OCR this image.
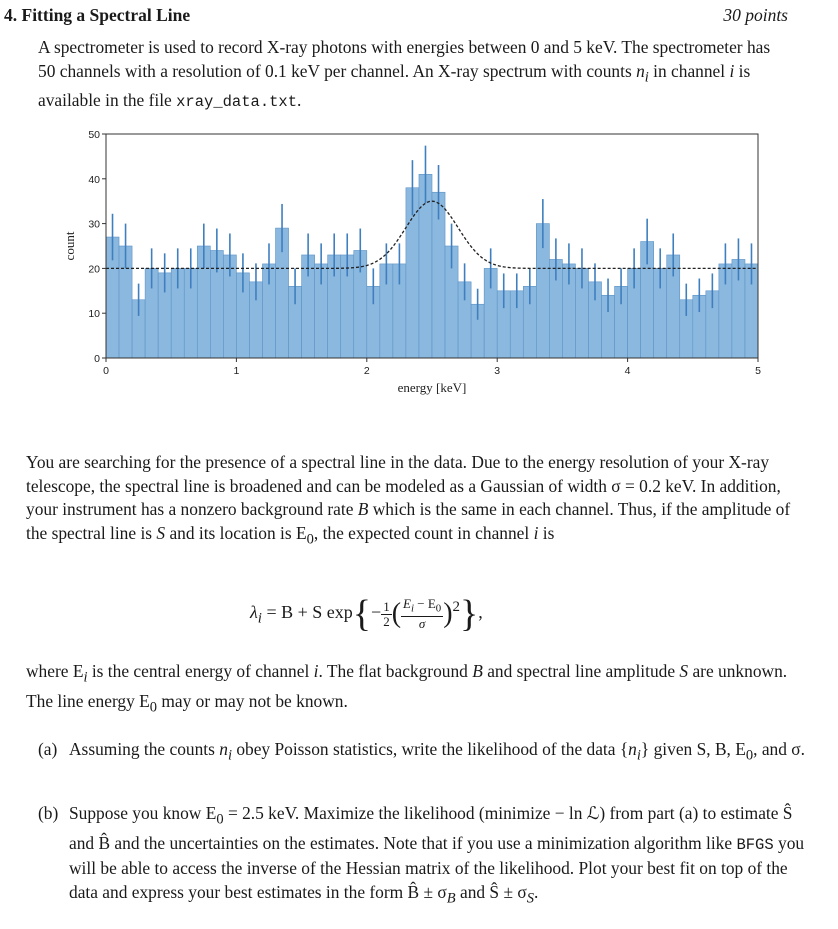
4. Fitting a Spectral Line	30 points
A spectrometer is used to record X-ray photons with energies between 0 and 5 keV. The spectrometer has 50 channels with a resolution of 0.1 keV per channel. An X-ray spectrum with counts $n_i$ in channel i is available in the file xray_data.txt.
0	1	2	3	4	5
0
10
20
30
40
50
energy [keV]
count
You are searching for the presence of a spectral line in the data. Due to the energy resolution of your X-ray telescope, the spectral line is broadened and can be modeled as a Gaussian of width σ = 0.2 keV. In addition, your instrument has a nonzero background rate B which is the same in each channel. Thus, if the amplitude of the spectral line is S and its location is $E_0$, the expected count in channel i is
$\lambda_i = B + S$ $\exp\{- \frac{1}{2}$ ( $\frac{E_i - E_0}{\sigma} )^2$},
where $E_i$ is the central energy of channel i. The flat background B and spectral line amplitude S are unknown. The line energy $E_0$ may or may not be known.
(a) Assuming the counts $n_i$ obey Poisson statistics, write the likelihood of the data $\{n_i\}$ given S, B, $E_0$, and σ.
(b) Suppose you know $E_0 = 2.5$ keV. Maximize the likelihood (minimize − ln ℒ) from part (a) to estimate Ŝ and B̂ and the uncertainties on the estimates. Note that if you use a minimization algorithm like BFGS you will be able to access the inverse of the Hessian matrix of the likelihood. Plot your best fit on top of the data and express your best estimates in the form B̂ ± $\sigma_B$ and Ŝ ± $\sigma_S$.
